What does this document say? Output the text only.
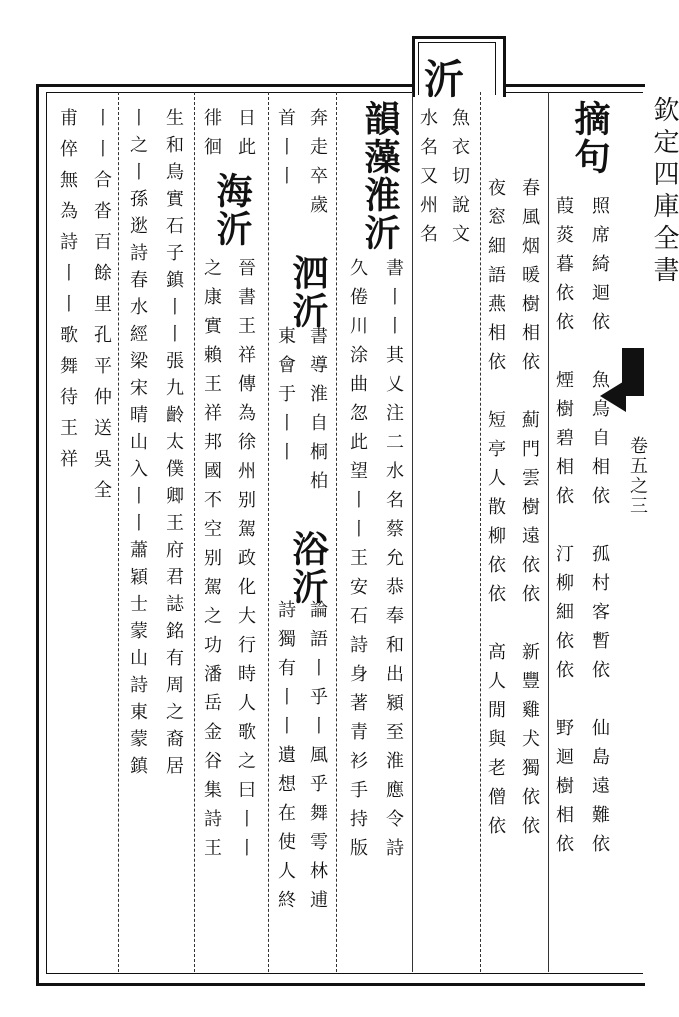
沂
欽定四庫全書
卷五之三
摘句
照席綺迴依　魚鳥自相依　孤村客暫依　仙島遠難依
葭菼暮依依　煙樹碧相依　汀柳細依依　野迴樹相依
春風烟暖樹相依　薊門雲樹遠依依　新豐雞犬獨依依
夜窓細語燕相依　短亭人散柳依依　高人閒與老僧依
魚衣切說文
水名又州名
韻藻淮沂
書丨丨其乂注二水名蔡允恭奉和出潁至淮應令詩
久倦川涂曲忽此望丨丨王安石詩身著青衫手持版
奔走卒歲
泗沂
書導淮自桐柏
浴沂
首丨丨
東會于丨丨
論語丨乎丨風乎舞雩林逋
詩獨有丨丨遺想在使人終
日此
海沂
晉書王祥傳為徐州别駕政化大行時人歌之曰丨丨
徘徊
之康實賴王祥邦國不空别駕之功潘岳金谷集詩王
生和鳥實石子鎮丨丨張九齡太僕卿王府君誌銘有周之裔居
丨之丨孫逖詩春水經梁宋晴山入丨丨蕭穎士蒙山詩東蒙鎮
丨丨合沓百餘里孔平仲送吳全
甫倅無為詩丨丨歌舞待王祥
